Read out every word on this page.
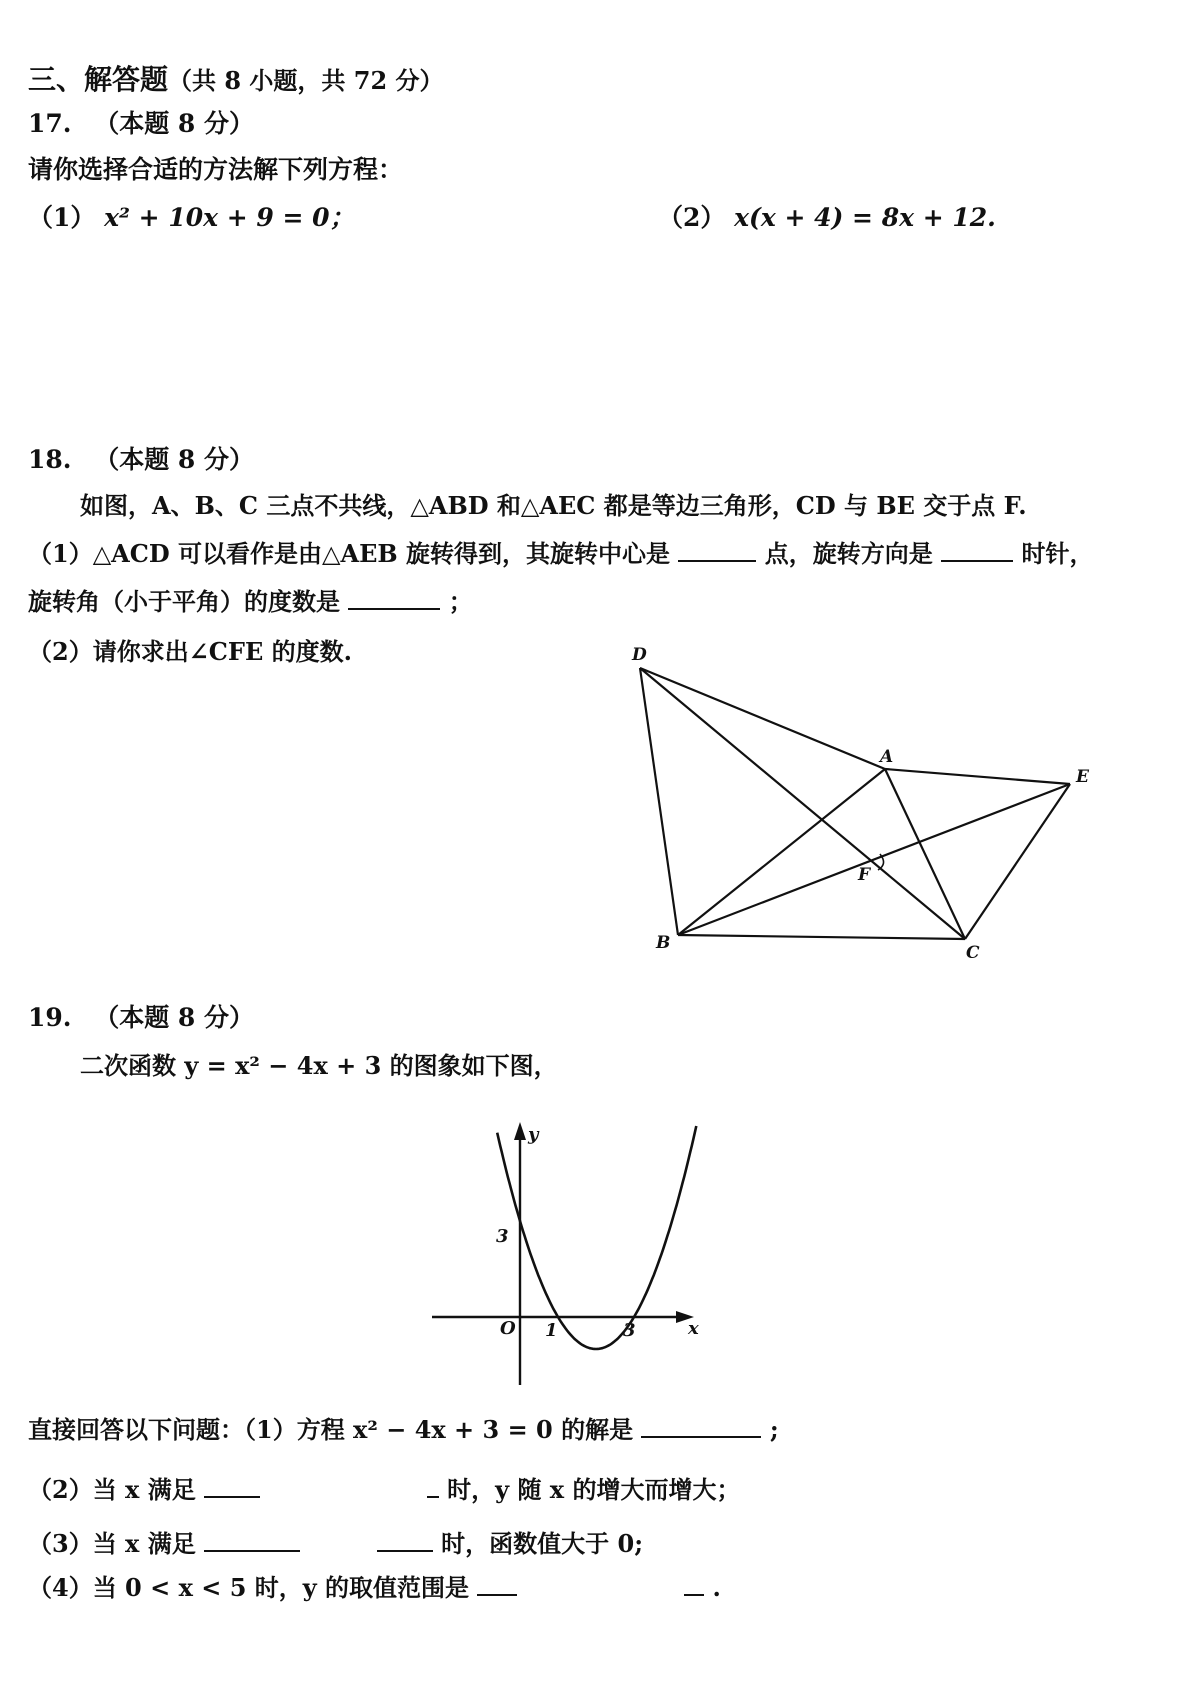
三、解答题（共 8 小题，共 72 分）
17. （本题 8 分）
请你选择合适的方法解下列方程：
（1） x² + 10x + 9 = 0；	（2） x(x + 4) = 8x + 12.
18. （本题 8 分）
如图，A、B、C 三点不共线，△ABD 和△AEC 都是等边三角形，CD 与 BE 交于点 F.
（1）△ACD 可以看作是由△AEB 旋转得到，其旋转中心是	点，旋转方向是	时针，
旋转角（小于平角）的度数是	；
（2）请你求出∠CFE 的度数.	D
A
E
F
B	C
19. （本题 8 分）
二次函数 y = x² − 4x + 3 的图象如下图，
y
x
O 1	3
3
直接回答以下问题：（1）方程 x² − 4x + 3 = 0 的解是	;
（2）当 x 满足	时，y 随 x 的增大而增大；
（3）当 x 满足	时，函数值大于 0;
（4）当 0 < x < 5 时，y 的取值范围是	.
